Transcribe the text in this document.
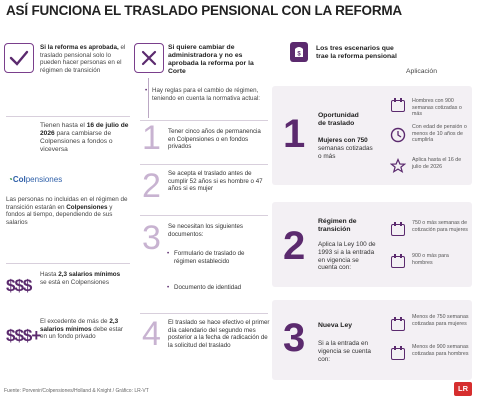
ASÍ FUNCIONA EL TRASLADO PENSIONAL CON LA REFORMA
Si la reforma es aprobada, el traslado pensional solo lo pueden hacer personas en el régimen de transición
Tienen hasta el 16 de julio de 2026 para cambiarse de Colpensiones a fondos o viceversa
◔Colpensiones
Las personas no incluidas en el régimen de transición estarán en Colpensiones y fondos al tiempo, dependiendo de sus salarios
$$$
Hasta 2,3 salarios mínimos se está en Colpensiones
$$$+
El excedente de más de 2,3 salarios mínimos debe estar en un fondo privado
Si quiere cambiar de administradora y no es aprobada la reforma por la Corte
• Hay reglas para el cambio de régimen, teniendo en cuenta la normativa actual:
1 Tener cinco años de permanencia en Colpensiones o en fondos privados
2 Se acepta el traslado antes de cumplir 52 años si es hombre o 47 años si es mujer
3 Se necesitan los siguientes documentos:
• Formulario de traslado de régimen establecido
• Documento de identidad
4 El traslado se hace efectivo el primer día calendario del segundo mes posterior a la fecha de radicación de la solicitud del traslado
$
Los tres escenarios que trae la reforma pensional
Aplicación
1 Oportunidad de traslado
Mujeres con 750 semanas cotizadas o más
Hombres con 900 semanas cotizadas o más
Con edad de pensión o menos de 10 años de cumplirla
Aplica hasta el 16 de julio de 2026
2
Régimen de transición
Aplica la Ley 100 de 1993 si a la entrada en vigencia se cuenta con:
750 o más semanas de cotización para mujeres
900 o más para hombres
3 Nueva Ley
Si a la entrada en vigencia se cuenta con:
Menos de 750 semanas cotizadas para mujeres
Menos de 900 semanas cotizadas para hombres
Fuente: Porvenir/Colpensiones/Holland & Knight / Gráfico: LR-VT	LR
